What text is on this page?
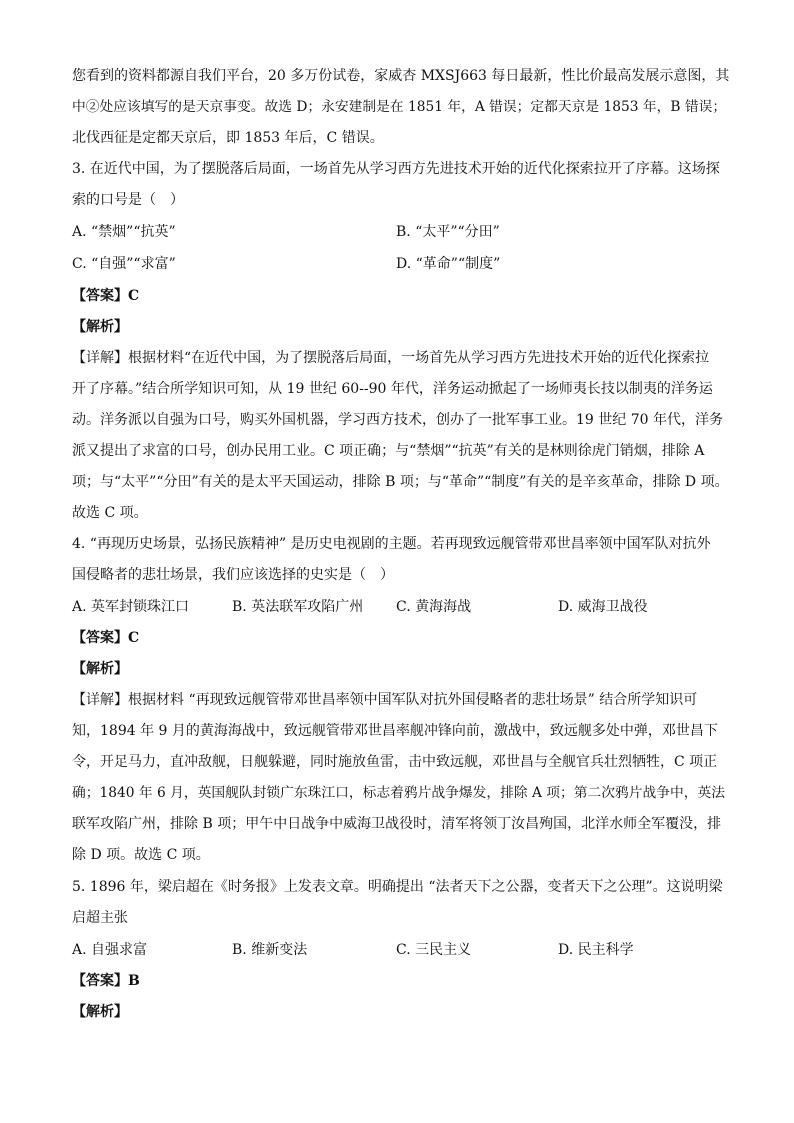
您看到的资料都源自我们平台，20 多万份试卷，家威杏 MXSJ663 每日最新，性比价最高发展示意图，其
中②处应该填写的是天京事变。故选 D；永安建制是在 1851 年，A 错误；定都天京是 1853 年，B 错误；
北伐西征是定都天京后，即 1853 年后，C 错误。
3. 在近代中国，为了摆脱落后局面，一场首先从学习西方先进技术开始的近代化探索拉开了序幕。这场探
索的口号是（　）
A. “禁烟”“抗英”	B. “太平”“分田”
C. “自强”“求富”	D. “革命”“制度”
【答案】C
【解析】
【详解】根据材料“在近代中国，为了摆脱落后局面，一场首先从学习西方先进技术开始的近代化探索拉
开了序幕。”结合所学知识可知，从 19 世纪 60--90 年代，洋务运动掀起了一场师夷长技以制夷的洋务运
动。洋务派以自强为口号，购买外国机器，学习西方技术，创办了一批军事工业。19 世纪 70 年代，洋务
派又提出了求富的口号，创办民用工业。C 项正确；与“禁烟”“抗英”有关的是林则徐虎门销烟，排除 A
项；与“太平”“分田”有关的是太平天国运动，排除 B 项；与“革命”“制度”有关的是辛亥革命，排除 D 项。
故选 C 项。
4. “再现历史场景，弘扬民族精神” 是历史电视剧的主题。若再现致远舰管带邓世昌率领中国军队对抗外
国侵略者的悲壮场景，我们应该选择的史实是（　）
A. 英军封锁珠江口	B. 英法联军攻陷广州 C. 黄海海战	D. 威海卫战役
【答案】C
【解析】
【详解】根据材料 “再现致远舰管带邓世昌率领中国军队对抗外国侵略者的悲壮场景” 结合所学知识可
知，1894 年 9 月的黄海海战中，致远舰管带邓世昌率舰冲锋向前，激战中，致远舰多处中弹，邓世昌下
令，开足马力，直冲敌舰，日舰躲避，同时施放鱼雷，击中致远舰，邓世昌与全舰官兵壮烈牺牲，C 项正
确；1840 年 6 月，英国舰队封锁广东珠江口，标志着鸦片战争爆发，排除 A 项；第二次鸦片战争中，英法
联军攻陷广州，排除 B 项；甲午中日战争中威海卫战役时，清军将领丁汝昌殉国，北洋水师全军覆没，排
除 D 项。故选 C 项。
5. 1896 年，梁启超在《时务报》上发表文章。明确提出 “法者天下之公器，变者天下之公理”。这说明梁
启超主张
A. 自强求富	B. 维新变法	C. 三民主义	D. 民主科学
【答案】B
【解析】
